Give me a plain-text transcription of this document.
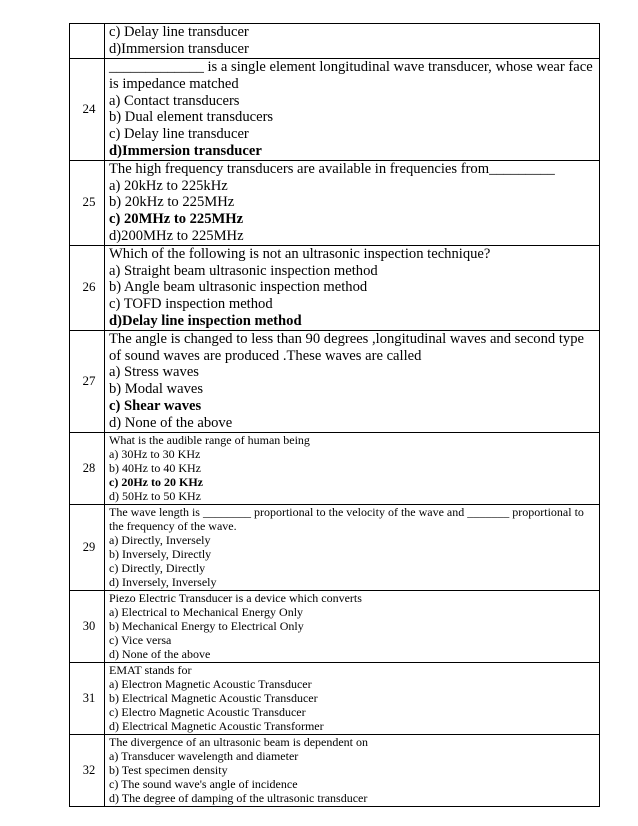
	c) Delay line transducer
d)Immersion transducer

24	_____________ is a single element longitudinal wave transducer, whose wear face is impedance matched
a) Contact transducers
b) Dual element transducers
c) Delay line transducer
d)Immersion transducer

25	The high frequency transducers are available in frequencies from_________
a) 20kHz to 225kHz
b) 20kHz to 225MHz
c) 20MHz to 225MHz
d)200MHz to 225MHz

26	Which of the following is not an ultrasonic inspection technique?
a) Straight beam ultrasonic inspection method
b) Angle beam ultrasonic inspection method
c) TOFD inspection method
d)Delay line inspection method

27	The angle is changed to less than 90 degrees ,longitudinal waves and second type of sound waves are produced .These waves are called
a) Stress waves
b) Modal waves
c) Shear waves
d) None of the above

28	What is the audible range of human being
a) 30Hz to 30 KHz
b) 40Hz to 40 KHz
c) 20Hz to 20 KHz
d) 50Hz to 50 KHz

29	The wave length is ________ proportional to the velocity of the wave and _______ proportional to the frequency of the wave.
a) Directly, Inversely
b) Inversely, Directly
c) Directly, Directly
d) Inversely, Inversely

30	Piezo Electric Transducer is a device which converts
a) Electrical to Mechanical Energy Only
b) Mechanical Energy to Electrical Only
c) Vice versa
d) None of the above

31	EMAT stands for
a) Electron Magnetic Acoustic Transducer
b) Electrical Magnetic Acoustic Transducer
c) Electro Magnetic Acoustic Transducer
d) Electrical Magnetic Acoustic Transformer

32	The divergence of an ultrasonic beam is dependent on
a) Transducer wavelength and diameter
b) Test specimen density
c) The sound wave's angle of incidence
d) The degree of damping of the ultrasonic transducer
